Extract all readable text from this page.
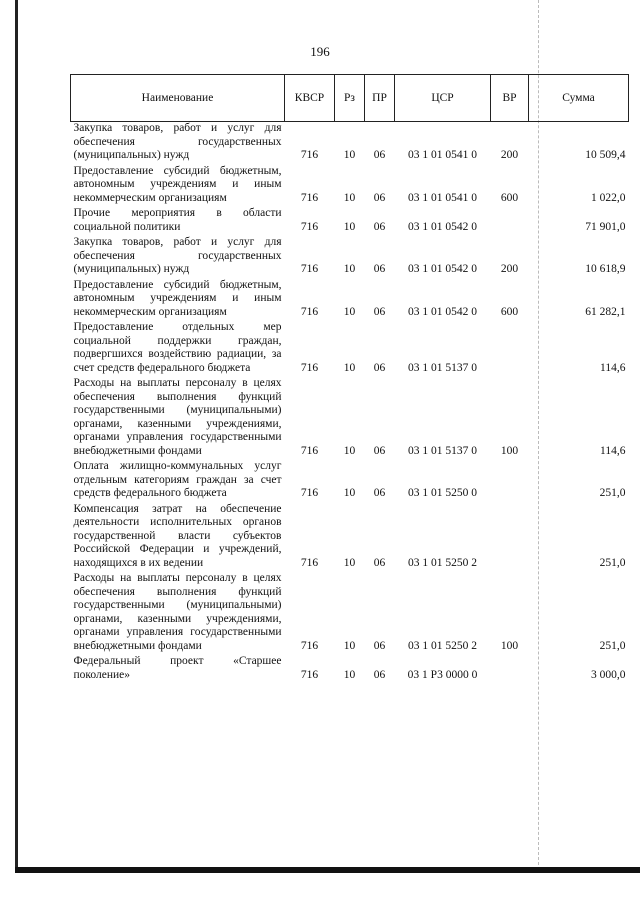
196
Наименование	КВСР	Рз	ПР	ЦСР	ВР	Сумма
Закупка товаров, работ и услуг для обеспечения государственных (муниципальных) нужд	716	10	06	03 1 01 0541 0	200	10 509,4
Предоставление субсидий бюджетным, автономным учреждениям и иным некоммерческим организациям	716	10	06	03 1 01 0541 0	600	1 022,0
Прочие мероприятия в области социальной политики	716	10	06	03 1 01 0542 0		71 901,0
Закупка товаров, работ и услуг для обеспечения государственных (муниципальных) нужд	716	10	06	03 1 01 0542 0	200	10 618,9
Предоставление субсидий бюджетным, автономным учреждениям и иным некоммерческим организациям	716	10	06	03 1 01 0542 0	600	61 282,1
Предоставление отдельных мер социальной поддержки граждан, подвергшихся воздействию радиации, за счет средств федерального бюджета	716	10	06	03 1 01 5137 0		114,6
Расходы на выплаты персоналу в целях обеспечения выполнения функций государственными (муниципальными) органами, казенными учреждениями, органами управления государственными внебюджетными фондами	716	10	06	03 1 01 5137 0	100	114,6
Оплата жилищно-коммунальных услуг отдельным категориям граждан за счет средств федерального бюджета	716	10	06	03 1 01 5250 0		251,0
Компенсация затрат на обеспечение деятельности исполнительных органов государственной власти субъектов Российской Федерации и учреждений, находящихся в их ведении	716	10	06	03 1 01 5250 2		251,0
Расходы на выплаты персоналу в целях обеспечения выполнения функций государственными (муниципальными) органами, казенными учреждениями, органами управления государственными внебюджетными фондами	716	10	06	03 1 01 5250 2	100	251,0
Федеральный проект «Старшее поколение»	716	10	06	03 1 P3 0000 0		3 000,0
